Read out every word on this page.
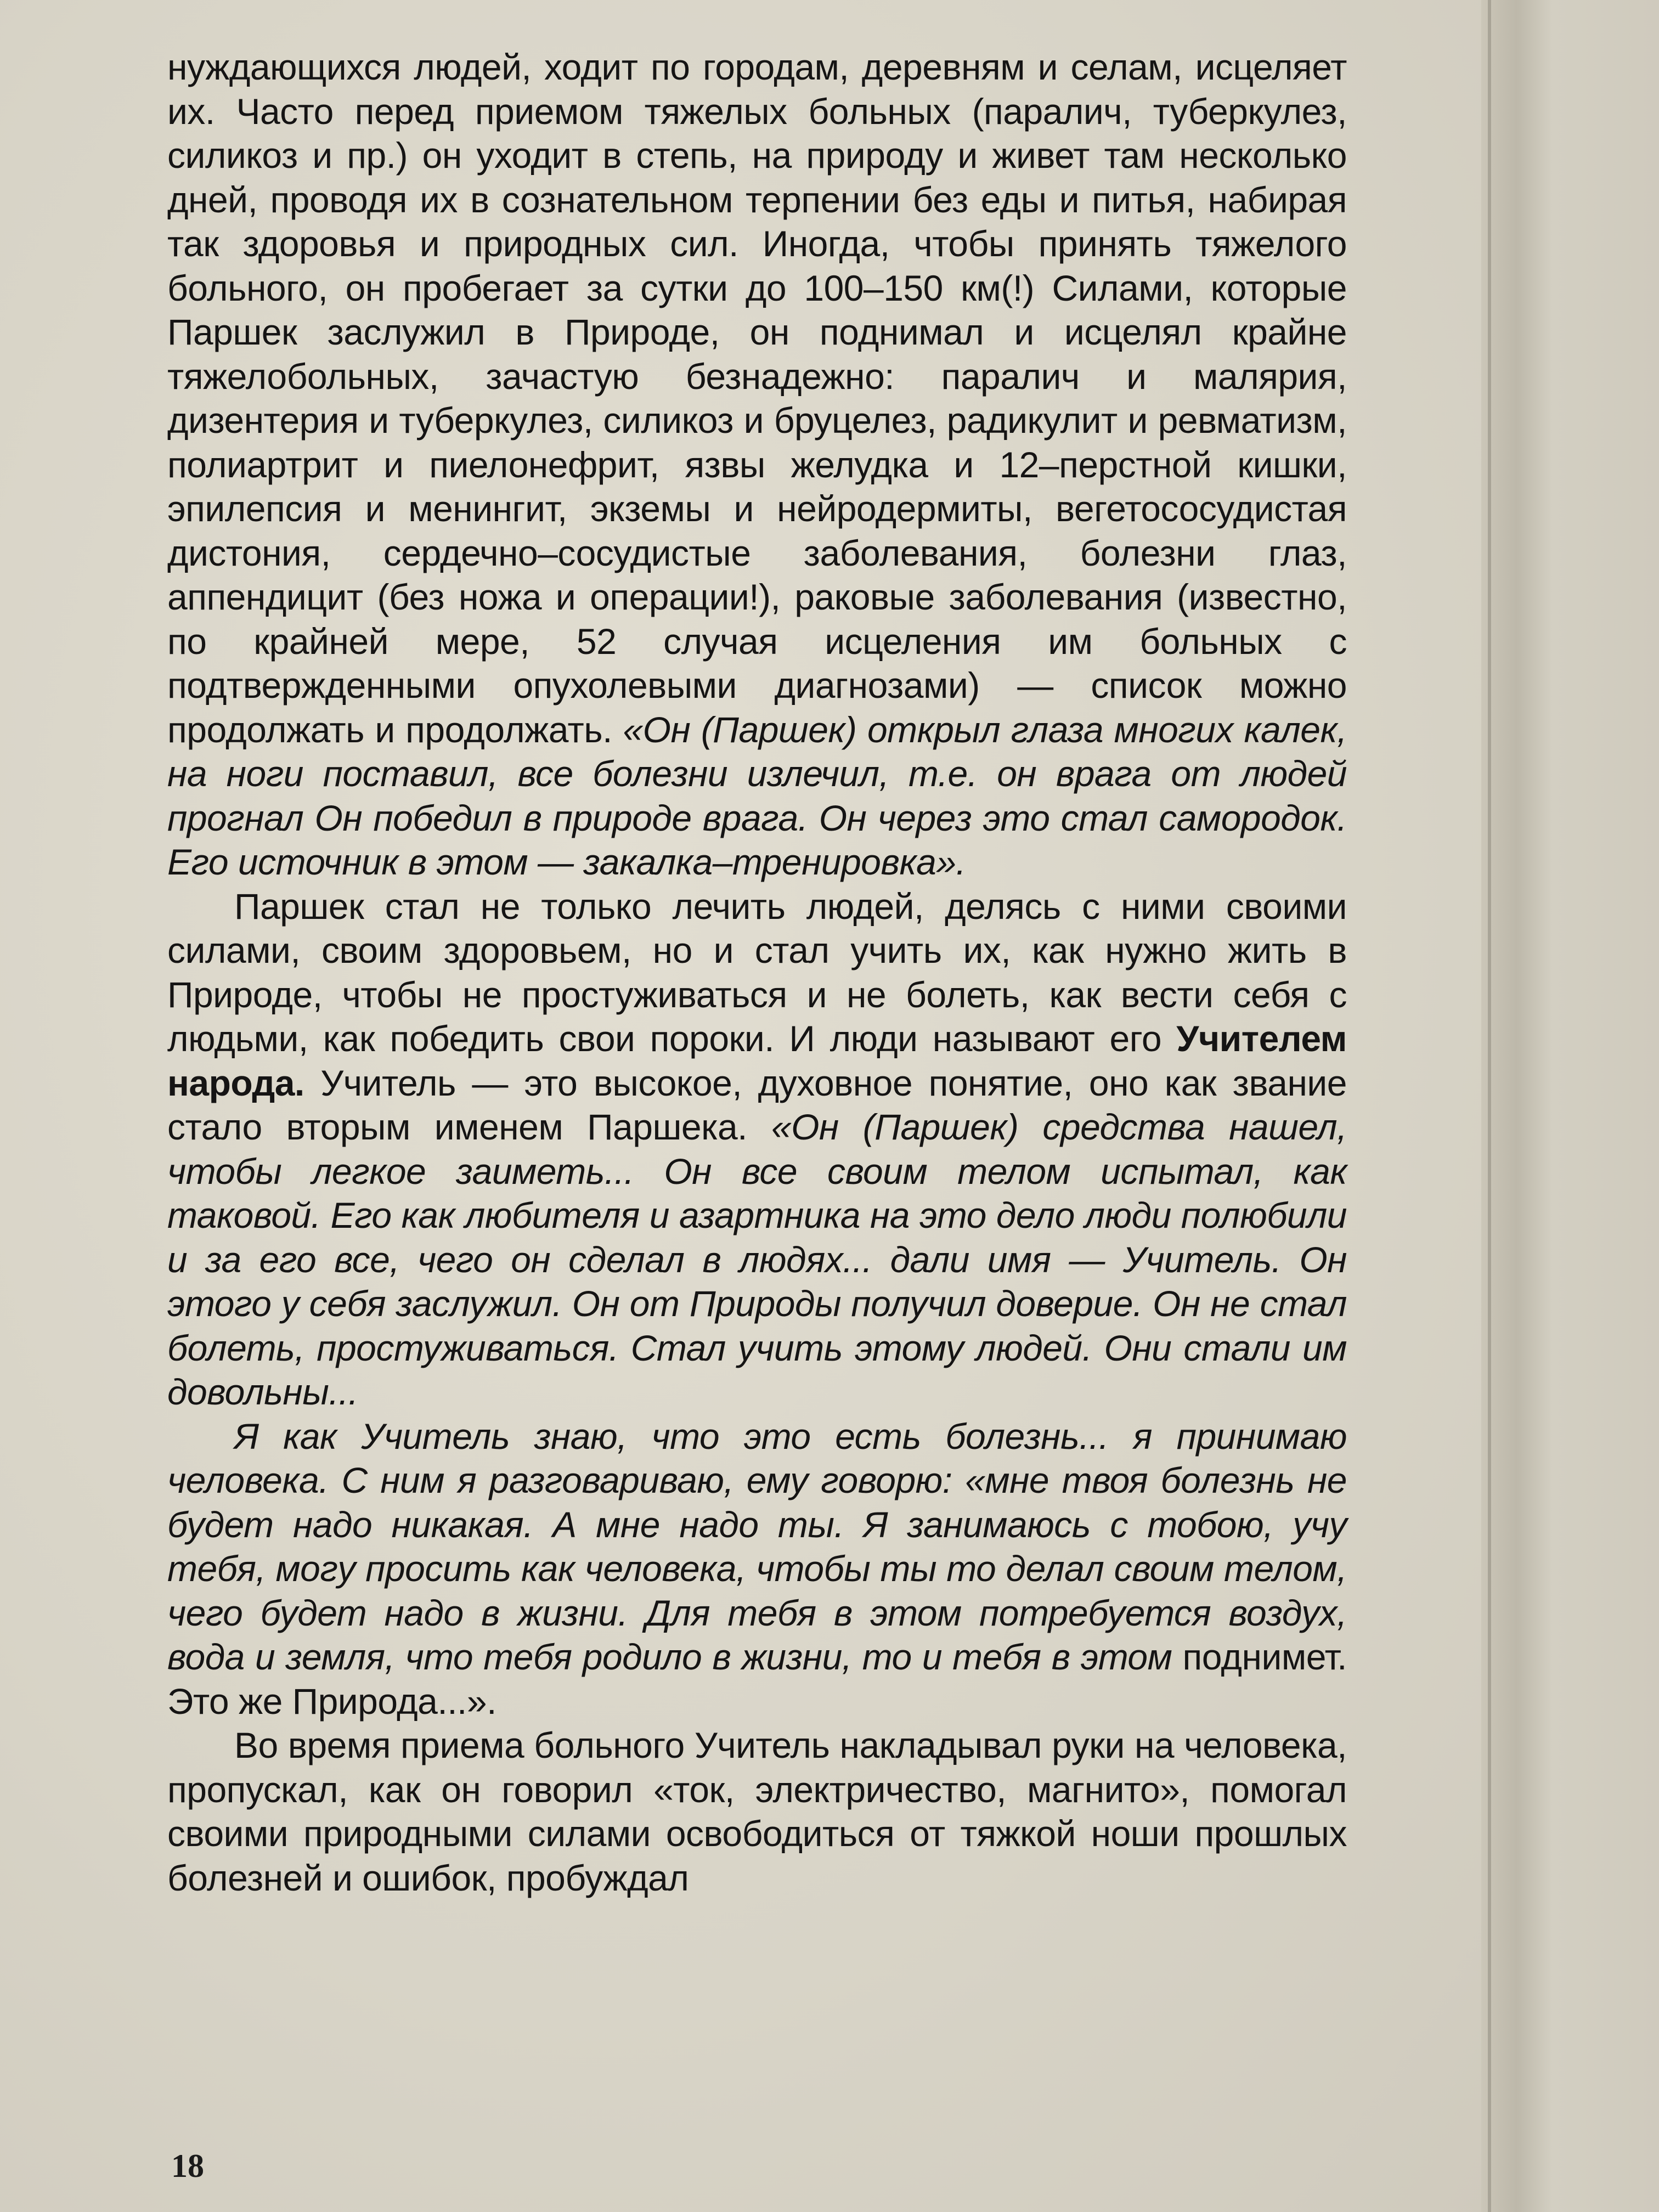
нуждающихся людей, ходит по городам, деревням и селам, исцеляет их. Часто перед приемом тяжелых больных (паралич, туберкулез, силикоз и пр.) он уходит в степь, на природу и живет там несколько дней, проводя их в сознательном терпении без еды и питья, набирая так здоровья и природных сил. Иногда, чтобы принять тяжелого больного, он пробегает за сутки до 100–150 км(!) Силами, которые Паршек заслужил в Природе, он поднимал и исцелял крайне тяжелобольных, зачастую безнадежно: паралич и малярия, дизентерия и туберкулез, силикоз и бруцелез, радикулит и ревматизм, полиартрит и пиелонефрит, язвы желудка и 12–перстной кишки, эпилепсия и менингит, экземы и нейродермиты, вегетососудистая дистония, сердечно–сосудистые заболевания, болезни глаз, аппендицит (без ножа и операции!), раковые заболевания (известно, по крайней мере, 52 случая исцеления им больных с подтвержденными опухолевыми диагнозами) — список можно продолжать и продолжать. «Он (Паршек) открыл глаза многих калек, на ноги поставил, все болезни излечил, т.е. он врага от людей прогнал Он победил в природе врага. Он через это стал самородок. Его источник в этом — закалка–тренировка».

Паршек стал не только лечить людей, делясь с ними своими силами, своим здоровьем, но и стал учить их, как нужно жить в Природе, чтобы не простуживаться и не болеть, как вести себя с людьми, как победить свои пороки. И люди называют его Учителем народа. Учитель — это высокое, духовное понятие, оно как звание стало вторым именем Паршека. «Он (Паршек) средства нашел, чтобы легкое заиметь... Он все своим телом испытал, как таковой. Его как любителя и азартника на это дело люди полюбили и за его все, чего он сделал в людях... дали имя — Учитель. Он этого у себя заслужил. Он от Природы получил доверие. Он не стал болеть, простуживаться. Стал учить этому людей. Они стали им довольны...

Я как Учитель знаю, что это есть болезнь... я принимаю человека. С ним я разговариваю, ему говорю: «мне твоя болезнь не будет надо никакая. А мне надо ты. Я занимаюсь с тобою, учу тебя, могу просить как человека, чтобы ты то делал своим телом, чего будет надо в жизни. Для тебя в этом потребуется воздух, вода и земля, что тебя родило в жизни, то и тебя в этом поднимет. Это же Природа...».

Во время приема больного Учитель накладывал руки на человека, пропускал, как он говорил «ток, электричество, магнито», помогал своими природными силами освободиться от тяжкой ноши прошлых болезней и ошибок, пробуждал

18
